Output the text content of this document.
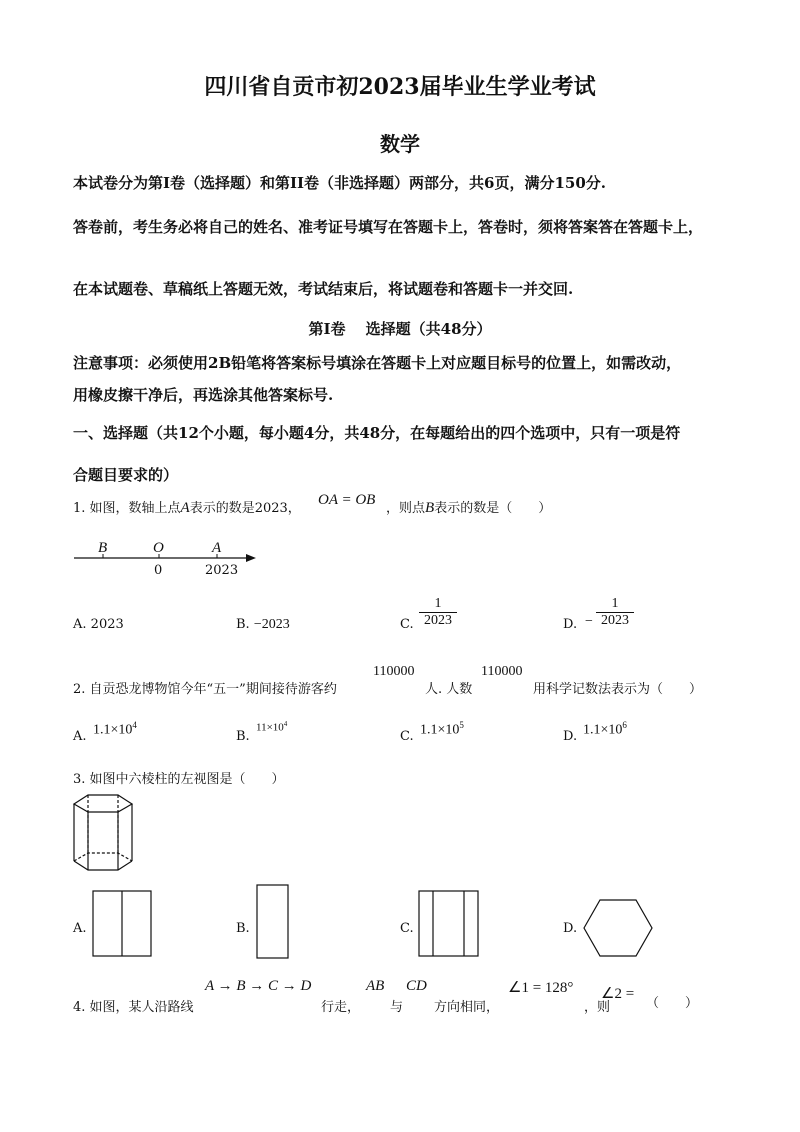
四川省自贡市初2023届毕业生学业考试
数学
本试卷分为第I卷（选择题）和第II卷（非选择题）两部分，共6页，满分150分.
答卷前，考生务必将自己的姓名、准考证号填写在答题卡上，答卷时，须将答案答在答题卡上，
在本试题卷、草稿纸上答题无效，考试结束后，将试题卷和答题卡一并交回.
第I卷　 选择题（共48分）
注意事项：必须使用2B铅笔将答案标号填涂在答题卡上对应题目标号的位置上，如需改动，
用橡皮擦干净后，再选涂其他答案标号.
一、选择题（共12个小题，每小题4分，共48分，在每题给出的四个选项中，只有一项是符
合题目要求的）
1. 如图，数轴上点A表示的数是2023，
OA = OB
，则点B表示的数是（　　）
B	O	A
0	2023
A. 2023	B. −2023	C. $\frac{1}{2023}$	D. − $\frac{1}{2023}$
2. 自贡恐龙博物馆今年“五一”期间接待游客约
110000
人. 人数
110000
用科学记数法表示为（　　）
A. $1.1\times 10^4$
B.
$11\times 10^4$
C. $1.1\times 10^5$
D. $1.1\times 10^6$
3. 如图中六棱柱的左视图是（　　）
A.	B.	C.	D.
4. 如图，某人沿路线
A → B → C → D
行走，
AB
与
CD
方向相同，
∠1 = 128°
，则
∠2 =
（　　）
